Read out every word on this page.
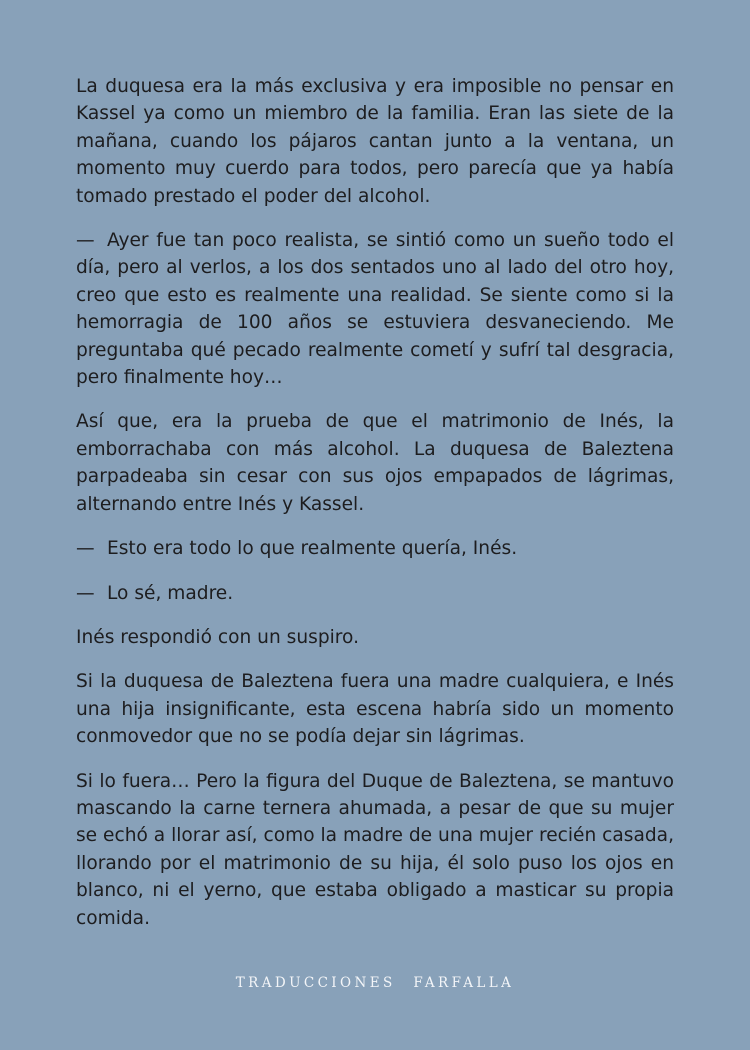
La duquesa era la más exclusiva y era imposible no pensar en Kassel ya como un miembro de la familia. Eran las siete de la mañana, cuando los pájaros cantan junto a la ventana, un momento muy cuerdo para todos, pero parecía que ya había tomado prestado el poder del alcohol.

— Ayer fue tan poco realista, se sintió como un sueño todo el día, pero al verlos, a los dos sentados uno al lado del otro hoy, creo que esto es realmente una realidad. Se siente como si la hemorragia de 100 años se estuviera desvaneciendo. Me preguntaba qué pecado realmente cometí y sufrí tal desgracia, pero finalmente hoy…

Así que, era la prueba de que el matrimonio de Inés, la emborrachaba con más alcohol. La duquesa de Baleztena parpadeaba sin cesar con sus ojos empapados de lágrimas, alternando entre Inés y Kassel.

— Esto era todo lo que realmente quería, Inés.

— Lo sé, madre.

Inés respondió con un suspiro.

Si la duquesa de Baleztena fuera una madre cualquiera, e Inés una hija insignificante, esta escena habría sido un momento conmovedor que no se podía dejar sin lágrimas.

Si lo fuera… Pero la figura del Duque de Baleztena, se mantuvo mascando la carne ternera ahumada, a pesar de que su mujer se echó a llorar así, como la madre de una mujer recién casada, llorando por el matrimonio de su hija, él solo puso los ojos en blanco, ni el yerno, que estaba obligado a masticar su propia comida.

TRADUCCIONES FARFALLA
